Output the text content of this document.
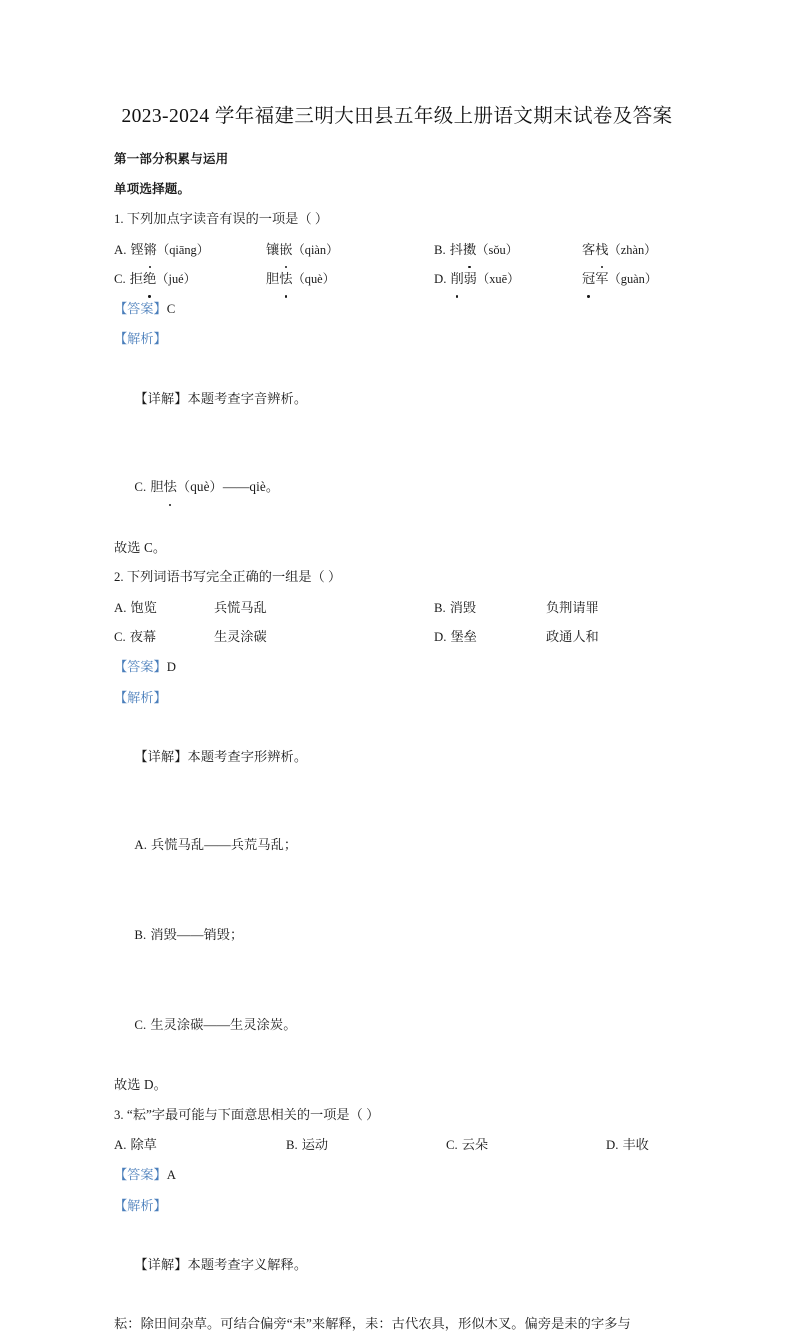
2023-2024 学年福建三明大田县五年级上册语文期末试卷及答案

第一部分积累与运用

单项选择题。

1. 下列加点字读音有误的一项是（ ）

A. 铿锵（qiāng）	镶嵌（qiàn）	B. 抖擞（sǒu）	客栈（zhàn）
C. 拒绝（jué）	胆怯（què）	D. 削弱（xuē）	冠军（guàn）

【答案】C

【解析】

【详解】本题考查字音辨析。

C. 胆怯（què）——qiè。

故选 C。

2. 下列词语书写完全正确的一组是（ ）

A. 饱览	兵慌马乱	B. 消毁	负荆请罪
C. 夜幕	生灵涂碳	D. 堡垒	政通人和

【答案】D

【解析】

【详解】本题考查字形辨析。

A. 兵慌马乱——兵荒马乱；

B. 消毁——销毁；

C. 生灵涂碳——生灵涂炭。

故选 D。

3. “耘”字最可能与下面意思相关的一项是（ ）

A. 除草	B. 运动	C. 云朵	D. 丰收

【答案】A

【解析】

【详解】本题考查字义解释。

耘：除田间杂草。可结合偏旁“耒”来解释，耒：古代农具，形似木叉。偏旁是耒的字多与
